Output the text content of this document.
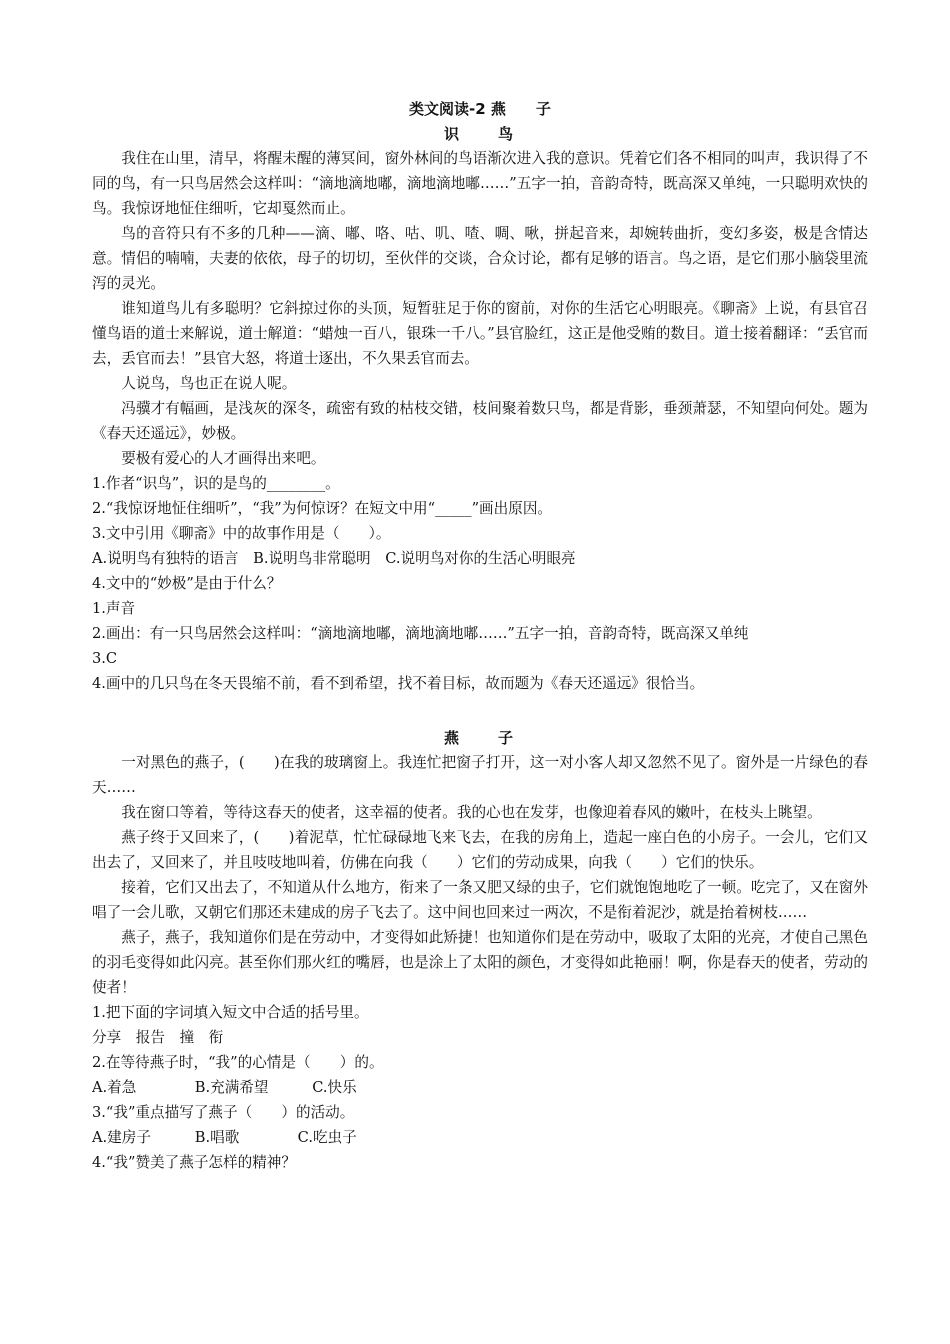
类文阅读-2 燕　　子
识　　鸟

我住在山里，清早，将醒未醒的薄冥间，窗外林间的鸟语渐次进入我的意识。凭着它们各不相同的叫声，我识得了不同的鸟，有一只鸟居然会这样叫：“滴地滴地嘟，滴地滴地嘟……”五字一拍，音韵奇特，既高深又单纯，一只聪明欢快的鸟。我惊讶地怔住细听，它却戛然而止。

鸟的音符只有不多的几种——滴、嘟、咯、咕、叽、喳、啁、啾，拼起音来，却婉转曲折，变幻多姿，极是含情达意。情侣的喃喃，夫妻的依依，母子的切切，至伙伴的交谈，合众讨论，都有足够的语言。鸟之语，是它们那小脑袋里流泻的灵光。

谁知道鸟儿有多聪明？它斜掠过你的头顶，短暂驻足于你的窗前，对你的生活它心明眼亮。《聊斋》上说，有县官召懂鸟语的道士来解说，道士解道：“蜡烛一百八，银珠一千八。”县官脸红，这正是他受贿的数目。道士接着翻译：“丢官而去，丢官而去！”县官大怒，将道士逐出，不久果丢官而去。

人说鸟，鸟也正在说人呢。

冯骥才有幅画，是浅灰的深冬，疏密有致的枯枝交错，枝间聚着数只鸟，都是背影，垂颈萧瑟，不知望向何处。题为《春天还遥远》，妙极。

要极有爱心的人才画得出来吧。

1.作者“识鸟”，识的是鸟的________。

2.“我惊讶地怔住细听”，“我”为何惊讶？在短文中用“_____”画出原因。

3.文中引用《聊斋》中的故事作用是（　　）。

A.说明鸟有独特的语言　B.说明鸟非常聪明　C.说明鸟对你的生活心明眼亮

4.文中的“妙极”是由于什么？

1.声音

2.画出：有一只鸟居然会这样叫：“滴地滴地嘟，滴地滴地嘟……”五字一拍，音韵奇特，既高深又单纯

3.C

4.画中的几只鸟在冬天畏缩不前，看不到希望，找不着目标，故而题为《春天还遥远》很恰当。

燕　　子

一对黑色的燕子，(　　)在我的玻璃窗上。我连忙把窗子打开，这一对小客人却又忽然不见了。窗外是一片绿色的春天……

我在窗口等着，等待这春天的使者，这幸福的使者。我的心也在发芽，也像迎着春风的嫩叶，在枝头上眺望。

燕子终于又回来了，(　　)着泥草，忙忙碌碌地飞来飞去，在我的房角上，造起一座白色的小房子。一会儿，它们又出去了，又回来了，并且吱吱地叫着，仿佛在向我（　　）它们的劳动成果，向我（　　）它们的快乐。

接着，它们又出去了，不知道从什么地方，衔来了一条又肥又绿的虫子，它们就饱饱地吃了一顿。吃完了，又在窗外唱了一会儿歌，又朝它们那还未建成的房子飞去了。这中间也回来过一两次，不是衔着泥沙，就是抬着树枝……

燕子，燕子，我知道你们是在劳动中，才变得如此矫捷！也知道你们是在劳动中，吸取了太阳的光亮，才使自己黑色的羽毛变得如此闪亮。甚至你们那火红的嘴唇，也是涂上了太阳的颜色，才变得如此艳丽！啊，你是春天的使者，劳动的使者！

1.把下面的字词填入短文中合适的括号里。

分享　报告　撞　衔

2.在等待燕子时，“我”的心情是（　　）的。

A.着急　　　　B.充满希望　　　C.快乐

3.“我”重点描写了燕子（　　）的活动。

A.建房子　　　B.唱歌　　　　C.吃虫子

4.“我”赞美了燕子怎样的精神？
